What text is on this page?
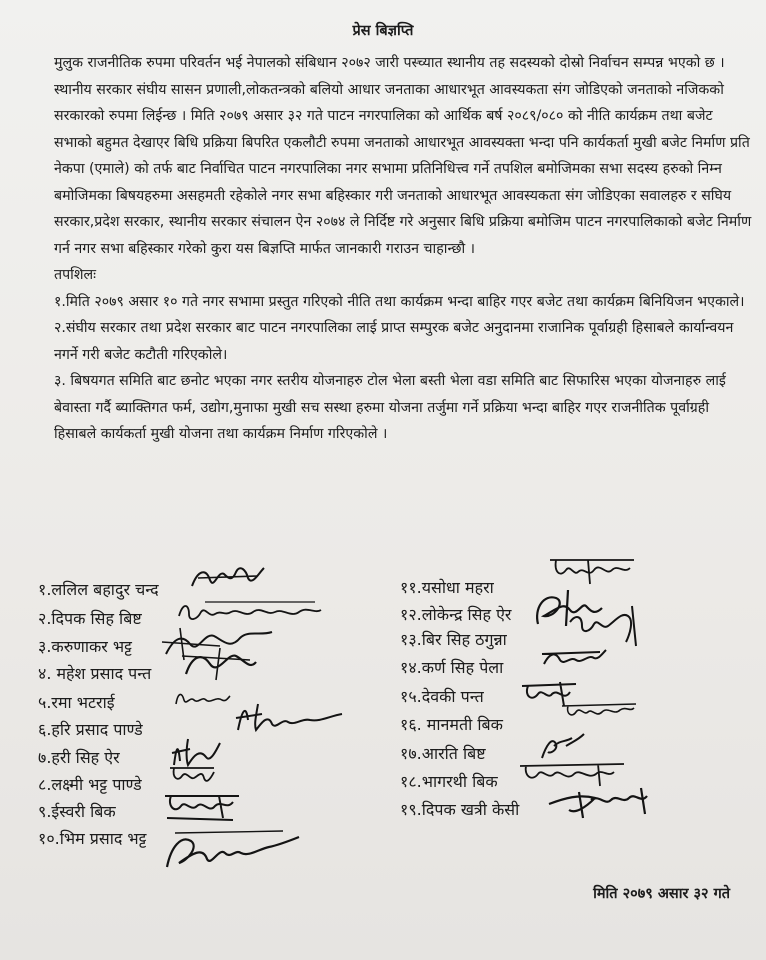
प्रेस बिज्ञप्ति

मुलुक राजनीतिक रुपमा परिवर्तन भई नेपालको संबिधान २०७२ जारी पस्च्यात स्थानीय तह सदस्यको दोस्रो निर्वाचन सम्पन्न भएको छ । स्थानीय सरकार संघीय सासन प्रणाली,लोकतन्त्रको बलियो आधार जनताका आधारभूत आवस्यकता संग जोडिएको जनताको नजिकको सरकारको रुपमा लिईन्छ । मिति २०७९ असार ३२ गते पाटन नगरपालिका को आर्थिक बर्ष २०८९/०८० को नीति कार्यक्रम तथा बजेट सभाको बहुमत देखाएर बिधि प्रक्रिया बिपरित एकलौटी रुपमा जनताको आधारभूत आवस्यक्ता भन्दा पनि कार्यकर्ता मुखी बजेट निर्माण प्रति नेकपा (एमाले) को तर्फ बाट निर्वाचित पाटन नगरपालिका नगर सभामा प्रतिनिधित्त्व गर्ने तपशिल बमोजिमका सभा सदस्य हरुको निम्न बमोजिमका बिषयहरुमा असहमती रहेकोले नगर सभा बहिस्कार गरी जनताको आधारभूत आवस्यकता संग जोडिएका सवालहरु र सघिय सरकार,प्रदेश सरकार, स्थानीय सरकार संचालन ऐन २०७४ ले निर्दिष्ट गरे अनुसार बिधि प्रक्रिया बमोजिम पाटन नगरपालिकाको बजेट निर्माण गर्न नगर सभा बहिस्कार गरेको कुरा यस बिज्ञप्ति मार्फत जानकारी गराउन चाहान्छौ ।

तपशिलः

१.मिति २०७९ असार १० गते नगर सभामा प्रस्तुत गरिएको नीति तथा कार्यक्रम भन्दा बाहिर गएर बजेट तथा कार्यक्रम बिनियिजन भएकाले।

२.संघीय सरकार तथा प्रदेश सरकार बाट पाटन नगरपालिका लाई प्राप्त सम्पुरक बजेट अनुदानमा राजानिक पूर्वाग्रही हिसाबले कार्यान्वयन नगर्ने गरी बजेट कटौती गरिएकोले।

३. बिषयगत समिति बाट छनोट भएका नगर स्तरीय योजनाहरु टोल भेला बस्ती भेला वडा समिति बाट सिफारिस भएका योजनाहरु लाई बेवास्ता गर्दै ब्याक्तिगत फर्म, उद्योग,मुनाफा मुखी सच सस्था हरुमा योजना तर्जुमा गर्ने प्रक्रिया भन्दा बाहिर गएर राजनीतिक पूर्वाग्रही हिसाबले कार्यकर्ता मुखी योजना तथा कार्यक्रम निर्माण गरिएकोले ।

१.ललिल बहादुर चन्द
२.दिपक सिह बिष्ट
३.करुणाकर भट्ट
४. महेश प्रसाद पन्त
५.रमा भटराई
६.हरि प्रसाद पाण्डे
७.हरी सिह ऐर
८.लक्ष्मी भट्ट पाण्डे
९.ईस्वरी बिक
१०.भिम प्रसाद भट्ट
११.यसोधा महरा
१२.लोकेन्द्र सिह ऐर
१३.बिर सिह ठगुन्ना
१४.कर्ण सिह पेला
१५.देवकी पन्त
१६. मानमती बिक
१७.आरति बिष्ट
१८.भागरथी बिक
१९.दिपक खत्री केसी
मिति २०७९ असार ३२ गते
